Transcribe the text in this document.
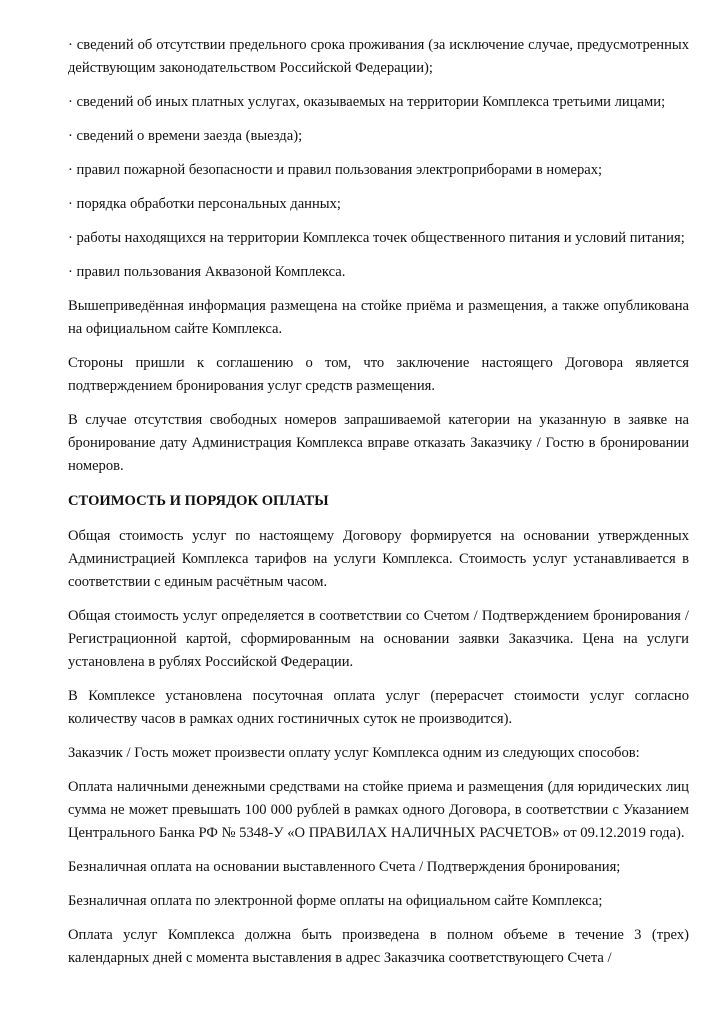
· сведений об отсутствии предельного срока проживания (за исключение случае, предусмотренных действующим законодательством Российской Федерации);

· сведений об иных платных услугах, оказываемых на территории Комплекса третьими лицами;

· сведений о времени заезда (выезда);

· правил пожарной безопасности и правил пользования электроприборами в номерах;

· порядка обработки персональных данных;

· работы находящихся на территории Комплекса точек общественного питания и условий питания;

· правил пользования Аквазоной Комплекса.

Вышеприведённая информация размещена на стойке приёма и размещения, а также опубликована на официальном сайте Комплекса.

Стороны пришли к соглашению о том, что заключение настоящего Договора является подтверждением бронирования услуг средств размещения.

В случае отсутствия свободных номеров запрашиваемой категории на указанную в заявке на бронирование дату Администрация Комплекса вправе отказать Заказчику / Гостю в бронировании номеров.

СТОИМОСТЬ И ПОРЯДОК ОПЛАТЫ

Общая стоимость услуг по настоящему Договору формируется на основании утвержденных Администрацией Комплекса тарифов на услуги Комплекса. Стоимость услуг устанавливается в соответствии с единым расчётным часом.

Общая стоимость услуг определяется в соответствии со Счетом / Подтверждением бронирования / Регистрационной картой, сформированным на основании заявки Заказчика. Цена на услуги установлена в рублях Российской Федерации.

В Комплексе установлена посуточная оплата услуг (перерасчет стоимости услуг согласно количеству часов в рамках одних гостиничных суток не производится).

Заказчик / Гость может произвести оплату услуг Комплекса одним из следующих способов:

Оплата наличными денежными средствами на стойке приема и размещения (для юридических лиц сумма не может превышать 100 000 рублей в рамках одного Договора, в соответствии с Указанием Центрального Банка РФ № 5348-У «О ПРАВИЛАХ НАЛИЧНЫХ РАСЧЕТОВ» от 09.12.2019 года).

Безналичная оплата на основании выставленного Счета / Подтверждения бронирования;

Безналичная оплата по электронной форме оплаты на официальном сайте Комплекса;

Оплата услуг Комплекса должна быть произведена в полном объеме в течение 3 (трех) календарных дней с момента выставления в адрес Заказчика соответствующего Счета /
